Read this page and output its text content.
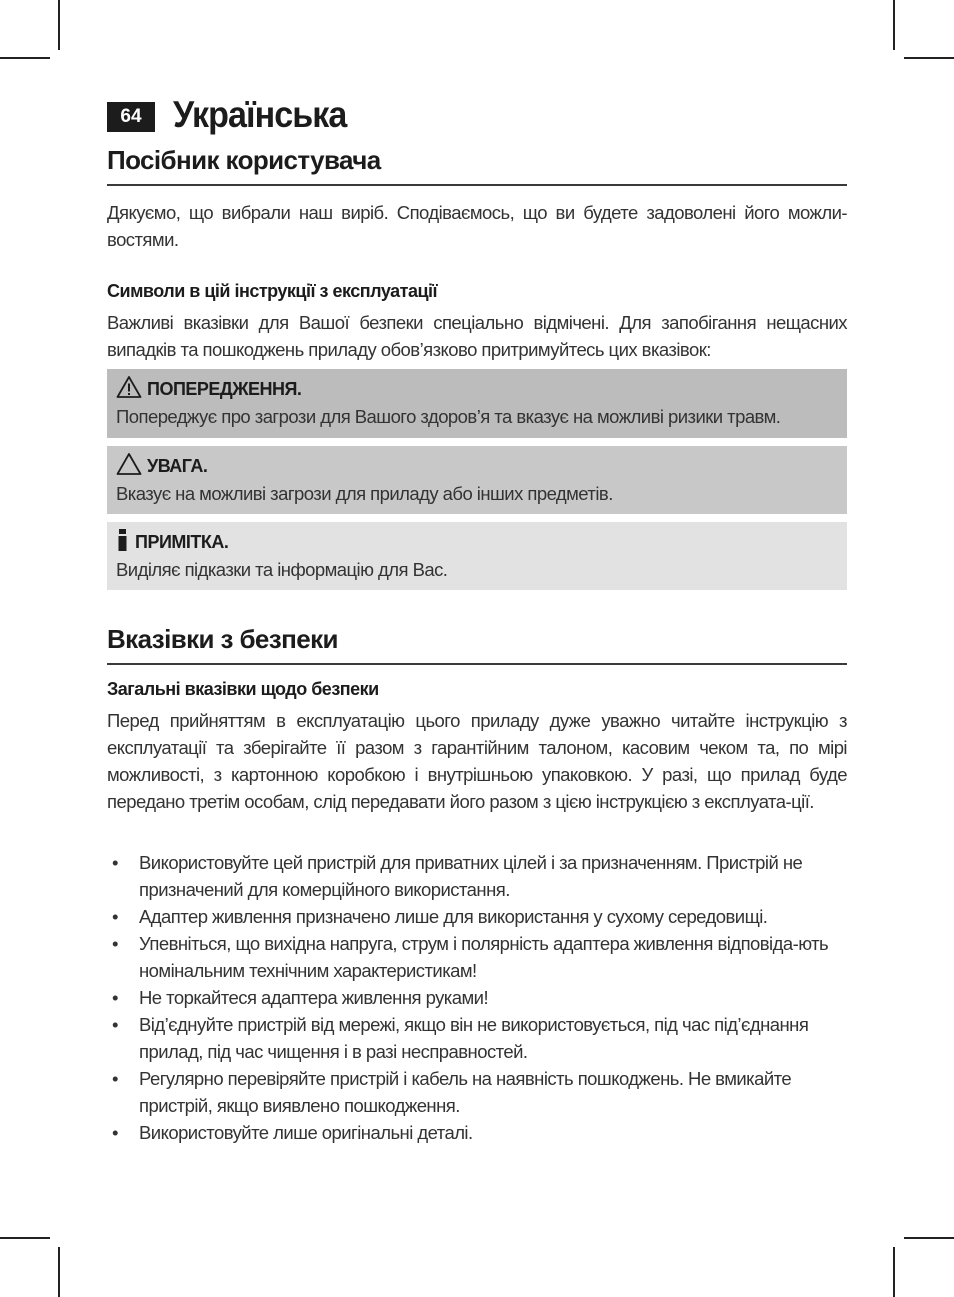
64 Українська
Посібник користувача

Дякуємо, що вибрали наш виріб. Сподіваємось, що ви будете задоволені його можли-востями.

Символи в цій інструкції з експлуатації

Важливі вказівки для Вашої безпеки спеціально відмічені. Для запобігання нещасних випадків та пошкоджень приладу обов’язково притримуйтесь цих вказівок:

ПОПЕРЕДЖЕННЯ.
Попереджує про загрози для Вашого здоров’я та вказує на можливі ризики травм.
УВАГА.
Вказує на можливі загрози для приладу або інших предметів.
ПРИМІТКА.
Виділяє підказки та інформацію для Вас.
Вказівки з безпеки
Загальні вказівки щодо безпеки

Перед прийняттям в експлуатацію цього приладу дуже уважно читайте інструкцію з експлуатації та зберігайте її разом з гарантійним талоном, касовим чеком та, по мірі можливості, з картонною коробкою і внутрішньою упаковкою. У разі, що прилад буде передано третім особам, слід передавати його разом з цією інструкцією з експлуата-ції.

• Використовуйте цей пристрій для приватних цілей і за призначенням. Пристрій не призначений для комерційного використання.
• Адаптер живлення призначено лише для використання у сухому середовищі.
• Упевніться, що вихідна напруга, струм і полярність адаптера живлення відповіда-ють номінальним технічним характеристикам!
• Не торкайтеся адаптера живлення руками!
• Від’єднуйте пристрій від мережі, якщо він не використовується, під час під’єднання прилад, під час чищення і в разі несправностей.
• Регулярно перевіряйте пристрій і кабель на наявність пошкоджень. Не вмикайте пристрій, якщо виявлено пошкодження.
• Використовуйте лише оригінальні деталі.
